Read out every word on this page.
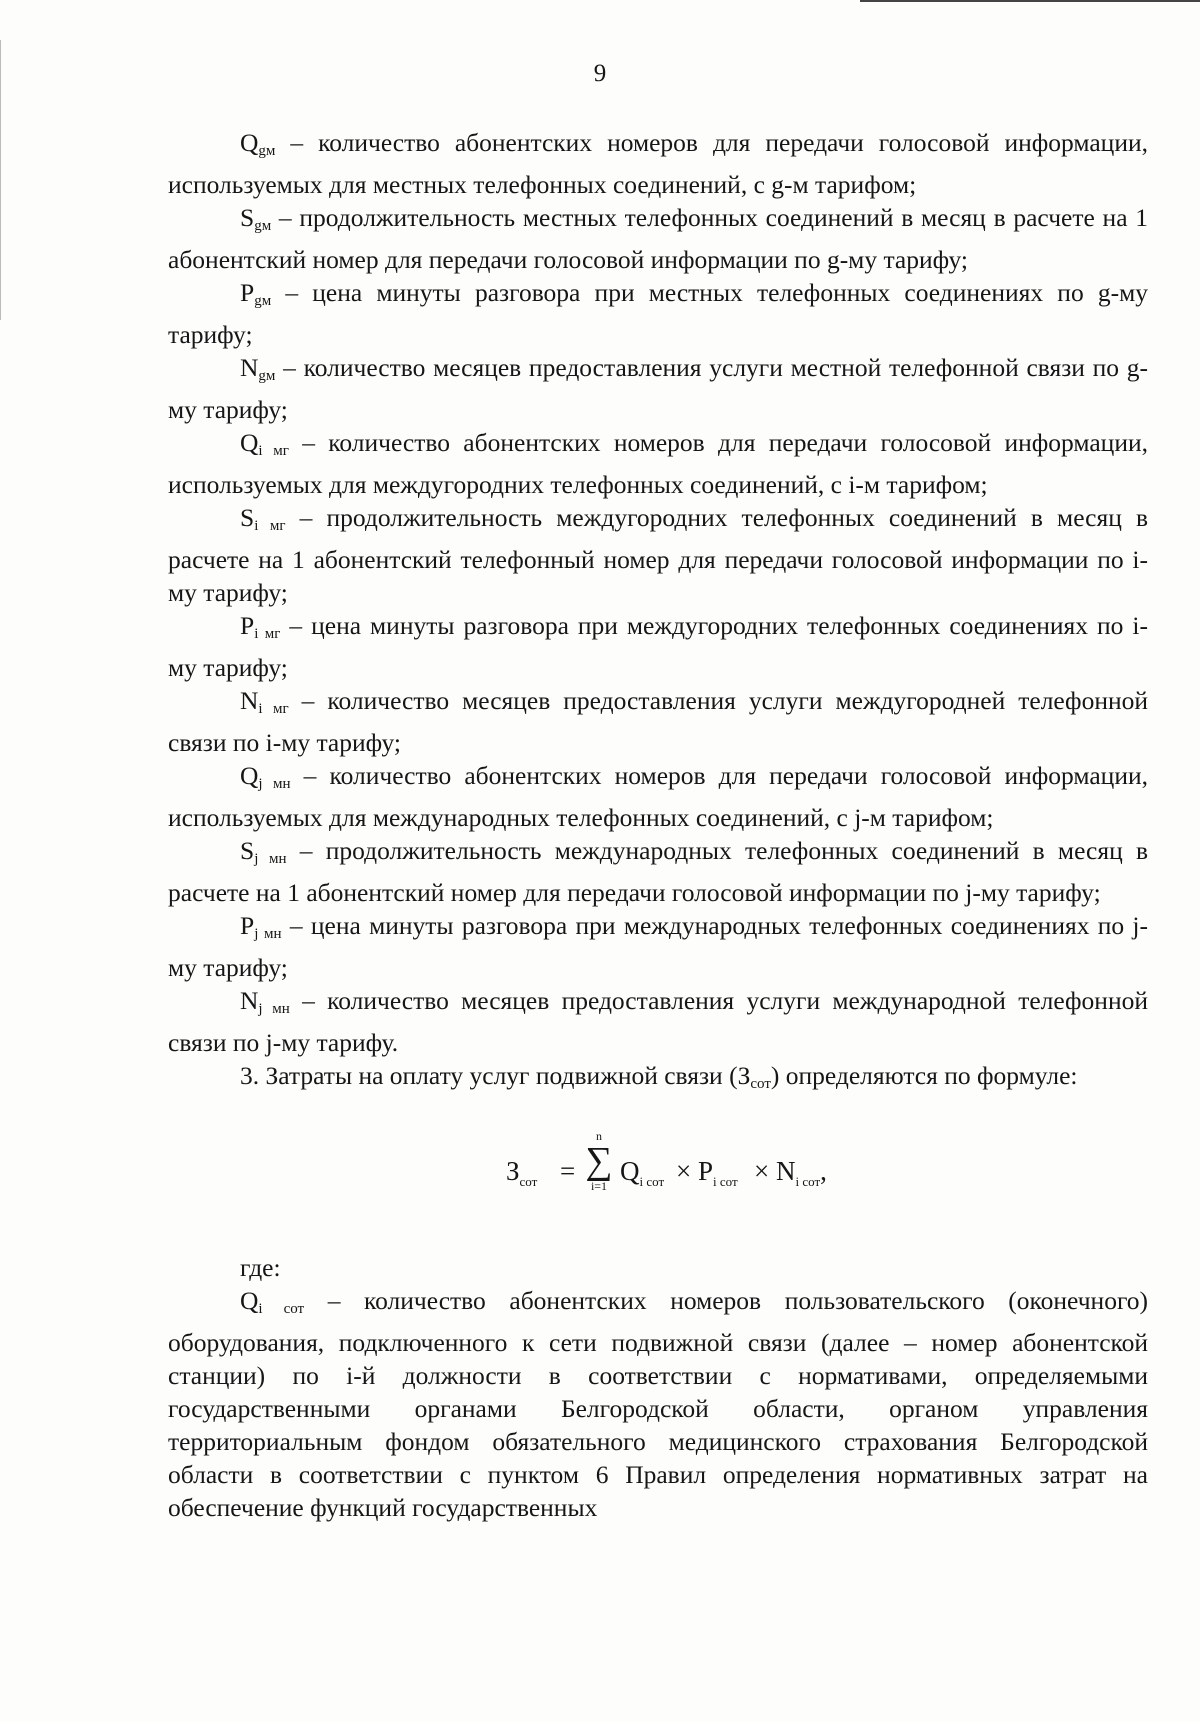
9

$Q_{gм}$ – количество абонентских номеров для передачи голосовой информации, используемых для местных телефонных соединений, с g-м тарифом;

$S_{gм}$ – продолжительность местных телефонных соединений в месяц в расчете на 1 абонентский номер для передачи голосовой информации по g-му тарифу;

$P_{gм}$ – цена минуты разговора при местных телефонных соединениях по g-му тарифу;

$N_{gм}$ – количество месяцев предоставления услуги местной телефонной связи по g-му тарифу;

$Q_{i мг}$ – количество абонентских номеров для передачи голосовой информации, используемых для междугородних телефонных соединений, с i-м тарифом;

$S_{i мг}$ – продолжительность междугородних телефонных соединений в месяц в расчете на 1 абонентский телефонный номер для передачи голосовой информации по i-му тарифу;

$P_{i мг}$ – цена минуты разговора при междугородних телефонных соединениях по i-му тарифу;

$N_{i мг}$ – количество месяцев предоставления услуги междугородней телефонной связи по i-му тарифу;

$Q_{j мн}$ – количество абонентских номеров для передачи голосовой информации, используемых для международных телефонных соединений, с j-м тарифом;

$S_{j мн}$ – продолжительность международных телефонных соединений в месяц в расчете на 1 абонентский номер для передачи голосовой информации по j-му тарифу;

$P_{j мн}$ – цена минуты разговора при международных телефонных соединениях по j-му тарифу;

$N_{j мн}$ – количество месяцев предоставления услуги международной телефонной связи по j-му тарифу.

3. Затраты на оплату услуг подвижной связи $(З_{сот})$ определяются по формуле:

$З_{сот}$ =
n
∑
i=1 $Q_{i сот} \times P_{i сот} \times N_{i сот}$,

где:

$Q_{i сот}$ – количество абонентских номеров пользовательского (оконечного) оборудования, подключенного к сети подвижной связи (далее – номер абонентской станции) по i-й должности в соответствии с нормативами, определяемыми государственными органами Белгородской области, органом управления территориальным фондом обязательного медицинского страхования Белгородской области в соответствии с пунктом 6 Правил определения нормативных затрат на обеспечение функций государственных
